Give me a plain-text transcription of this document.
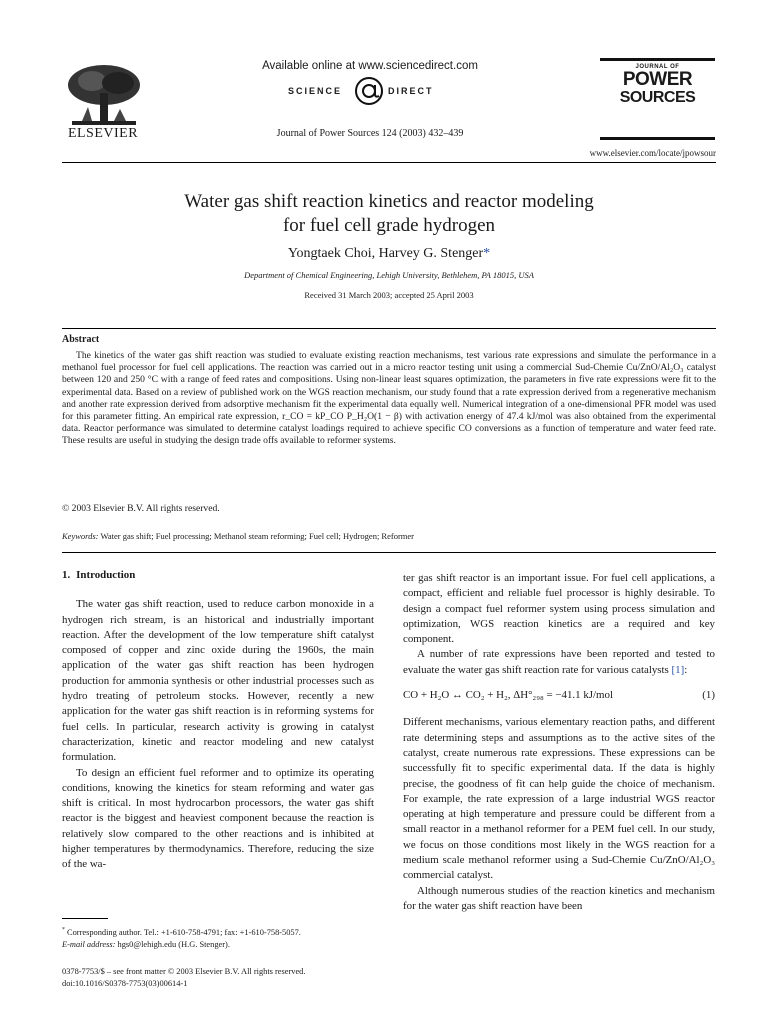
ELSEVIER
Available online at www.sciencedirect.com
SCIENCE	DIRECT
Journal of Power Sources 124 (2003) 432–439
JOURNAL OF
POWER
SOURCES
www.elsevier.com/locate/jpowsour
Water gas shift reaction kinetics and reactor modeling
for fuel cell grade hydrogen
Yongtaek Choi, Harvey G. Stenger*
Department of Chemical Engineering, Lehigh University, Bethlehem, PA 18015, USA
Received 31 March 2003; accepted 25 April 2003
Abstract
The kinetics of the water gas shift reaction was studied to evaluate existing reaction mechanisms, test various rate expressions and simulate the performance in a methanol fuel processor for fuel cell applications. The reaction was carried out in a micro reactor testing unit using a commercial Sud-Chemie Cu/ZnO/Al₂O₃ catalyst between 120 and 250 °C with a range of feed rates and compositions. Using non-linear least squares optimization, the parameters in five rate expressions were fit to the experimental data. Based on a review of published work on the WGS reaction mechanism, our study found that a rate expression derived from a regenerative mechanism and another rate expression derived from adsorptive mechanism fit the experimental data equally well. Numerical integration of a one-dimensional PFR model was used for this parameter fitting. An empirical rate expression, r_CO = kP_CO P_H₂O(1 − β) with activation energy of 47.4 kJ/mol was also obtained from the experimental data. Reactor performance was simulated to determine catalyst loadings required to achieve specific CO conversions as a function of temperature and water feed rate. These results are useful in studying the design trade offs available to reformer systems.
© 2003 Elsevier B.V. All rights reserved.
Keywords: Water gas shift; Fuel processing; Methanol steam reforming; Fuel cell; Hydrogen; Reformer

1. Introduction

The water gas shift reaction, used to reduce carbon monoxide in a hydrogen rich stream, is an historical and industrially important reaction. After the development of the low temperature shift catalyst composed of copper and zinc oxide during the 1960s, the main application of the water gas shift reaction has been hydrogen production for ammonia synthesis or other industrial processes such as hydro treating of petroleum stocks. However, recently a new application for the water gas shift reaction is in reforming systems for fuel cells. In particular, research activity is growing in catalyst characterization, kinetic and reactor modeling and new catalyst formulation.

To design an efficient fuel reformer and to optimize its operating conditions, knowing the kinetics for steam reforming and water gas shift is critical. In most hydrocarbon processors, the water gas shift reactor is the biggest and heaviest component because the reaction is relatively slow compared to the other reactions and is inhibited at higher temperatures by thermodynamics. Therefore, reducing the size of the wa-

ter gas shift reactor is an important issue. For fuel cell applications, a compact, efficient and reliable fuel processor is highly desirable. To design a compact fuel reformer system using process simulation and optimization, WGS reaction kinetics are a required and key component.

A number of rate expressions have been reported and tested to evaluate the water gas shift reaction rate for various catalysts [1]:

CO + H₂O ↔ CO₂ + H₂, ΔH°₂₉₈ = −41.1 kJ/mol	(1)

Different mechanisms, various elementary reaction paths, and different rate determining steps and assumptions as to the active sites of the catalyst, create numerous rate expressions. These expressions can be successfully fit to specific experimental data. If the data is highly precise, the goodness of fit can help guide the choice of mechanism. For example, the rate expression of a large industrial WGS reactor operating at high temperature and pressure could be different from a small reactor in a methanol reformer for a PEM fuel cell. In our study, we focus on those conditions most likely in the WGS reaction for a medium scale methanol reformer using a Sud-Chemie Cu/ZnO/Al₂O₃ commercial catalyst.

Although numerous studies of the reaction kinetics and mechanism for the water gas shift reaction have been

* Corresponding author. Tel.: +1-610-758-4791; fax: +1-610-758-5057.
E-mail address: hgs0@lehigh.edu (H.G. Stenger).
0378-7753/$ – see front matter © 2003 Elsevier B.V. All rights reserved.
doi:10.1016/S0378-7753(03)00614-1
